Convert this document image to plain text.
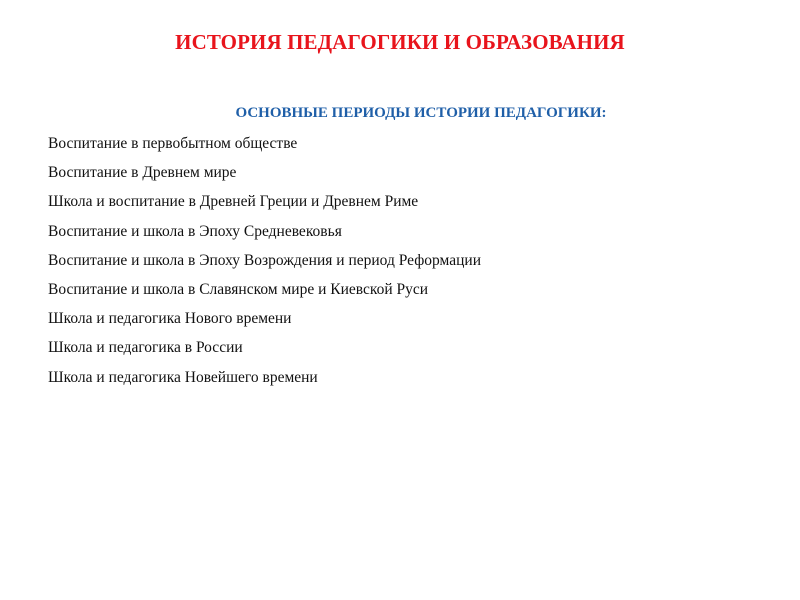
ИСТОРИЯ ПЕДАГОГИКИ И ОБРАЗОВАНИЯ
ОСНОВНЫЕ ПЕРИОДЫ ИСТОРИИ ПЕДАГОГИКИ:
Воспитание в первобытном обществе
Воспитание в Древнем мире
Школа и воспитание в Древней Греции и Древнем Риме
Воспитание и школа в Эпоху Средневековья
Воспитание и школа в Эпоху Возрождения и период Реформации
Воспитание и школа в Славянском мире и Киевской Руси
Школа и педагогика Нового времени
Школа и педагогика в России
Школа и педагогика Новейшего времени
